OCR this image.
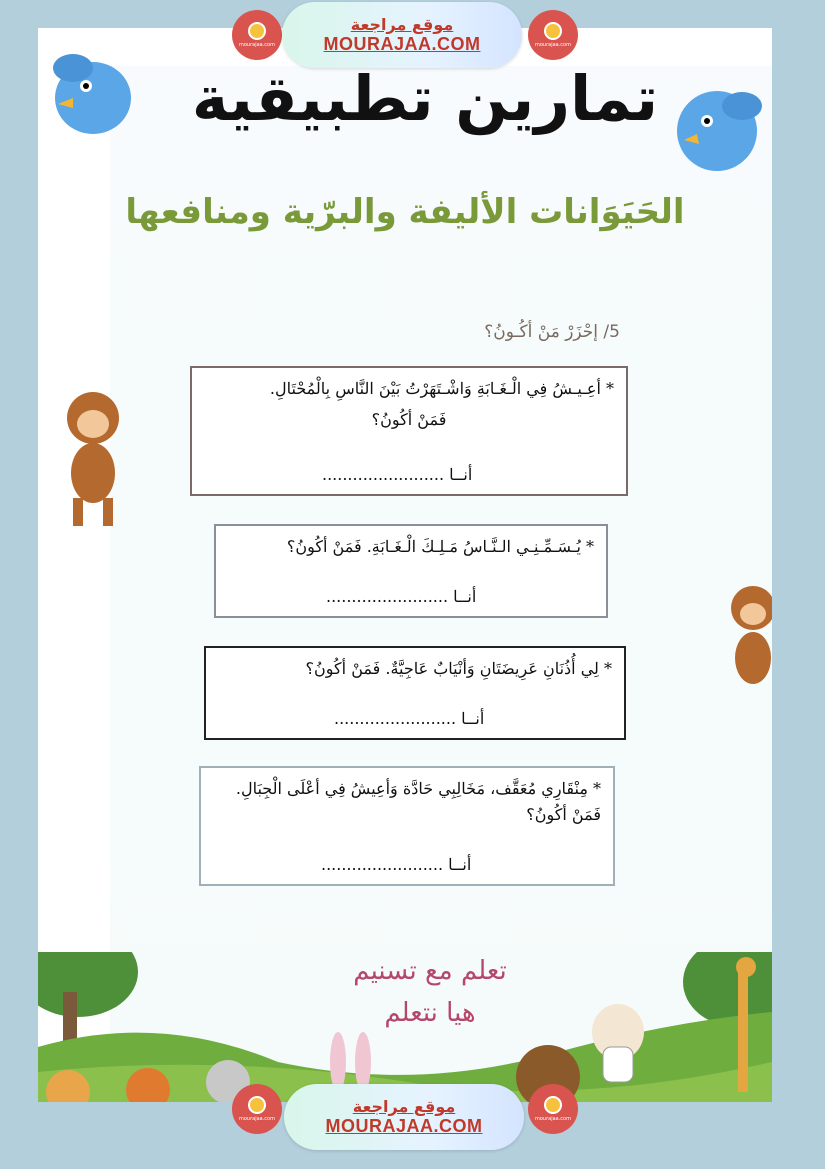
mourajaa.com
موقع مراجعة
MOURAJAA.COM	mourajaa.com
تمارين تطبيقية
الحَيَوَانات الأليفة والبرّية ومنافعها
5/ إحْزَرْ مَنْ أكُـونُ؟
* أعِـيـشُ فِي الْـغَـابَةِ وَاشْـتَهَرْتُ بَيْنَ النَّاسِ بِالْمُحْتَالِ.
فَمَنْ أكُونُ؟
أنــا ........................
* يُـسَـمِّـنِـي الـنَّـاسُ مَـلِـكَ الْـغَـابَةِ. فَمَنْ أكُونُ؟
أنــا ........................
* لِي أُذُنَانِ عَرِيضَتَانِ وَأنْيَابٌ عَاجِيَّةٌ. فَمَنْ أكُونُ؟
أنــا ........................
* مِنْقَارِي مُعَقَّف، مَخَالِبِي حَادَّة وَأعِيشُ فِي أعْلَى الْجِبَالِ. فَمَنْ أكُونُ؟
أنــا ........................
تعلم مع تسنيم
هيا نتعلم
mourajaa.com
موقع مراجعة
MOURAJAA.COM	mourajaa.com
